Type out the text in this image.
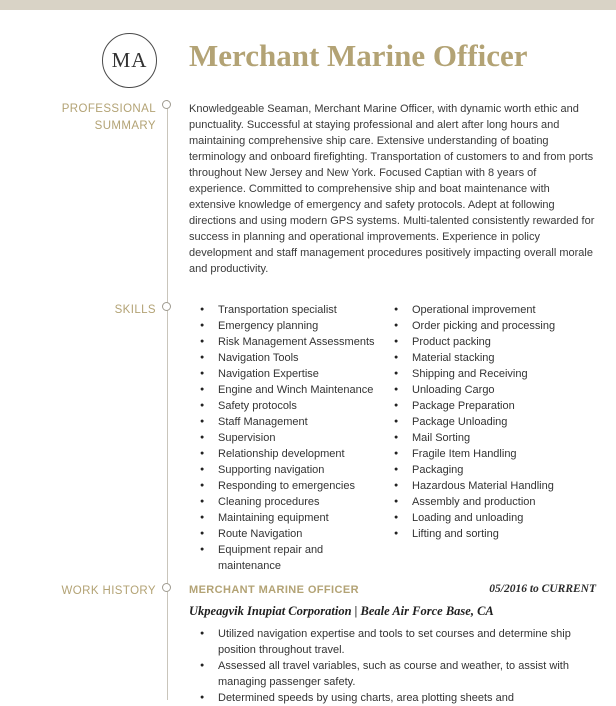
MA Merchant Marine Officer
PROFESSIONAL SUMMARY

Knowledgeable Seaman, Merchant Marine Officer, with dynamic worth ethic and punctuality. Successful at staying professional and alert after long hours and maintaining comprehensive ship care. Extensive understanding of boating terminology and onboard firefighting. Transportation of customers to and from ports throughout New Jersey and New York. Focused Captian with 8 years of experience. Committed to comprehensive ship and boat maintenance with extensive knowledge of emergency and safety protocols. Adept at following directions and using modern GPS systems. Multi-talented consistently rewarded for success in planning and operational improvements. Experience in policy development and staff management procedures positively impacting overall morale and productivity.

SKILLS	● Transportation specialist
● Emergency planning
● Risk Management Assessments
● Navigation Tools
● Navigation Expertise
● Engine and Winch Maintenance
● Safety protocols
● Staff Management
● Supervision
● Relationship development
● Supporting navigation
● Responding to emergencies
● Cleaning procedures
● Maintaining equipment
● Route Navigation
● Equipment repair and maintenance
● Operational improvement
● Order picking and processing
● Product packing
● Material stacking
● Shipping and Receiving
● Unloading Cargo
● Package Preparation
● Package Unloading
● Mail Sorting
● Fragile Item Handling
● Packaging
● Hazardous Material Handling
● Assembly and production
● Loading and unloading
● Lifting and sorting
WORK HISTORY	MERCHANT MARINE OFFICER	05/2016 to CURRENT
Ukpeagvik Inupiat Corporation | Beale Air Force Base, CA
● Utilized navigation expertise and tools to set courses and determine ship position throughout travel.
● Assessed all travel variables, such as course and weather, to assist with managing passenger safety.
● Determined speeds by using charts, area plotting sheets and
